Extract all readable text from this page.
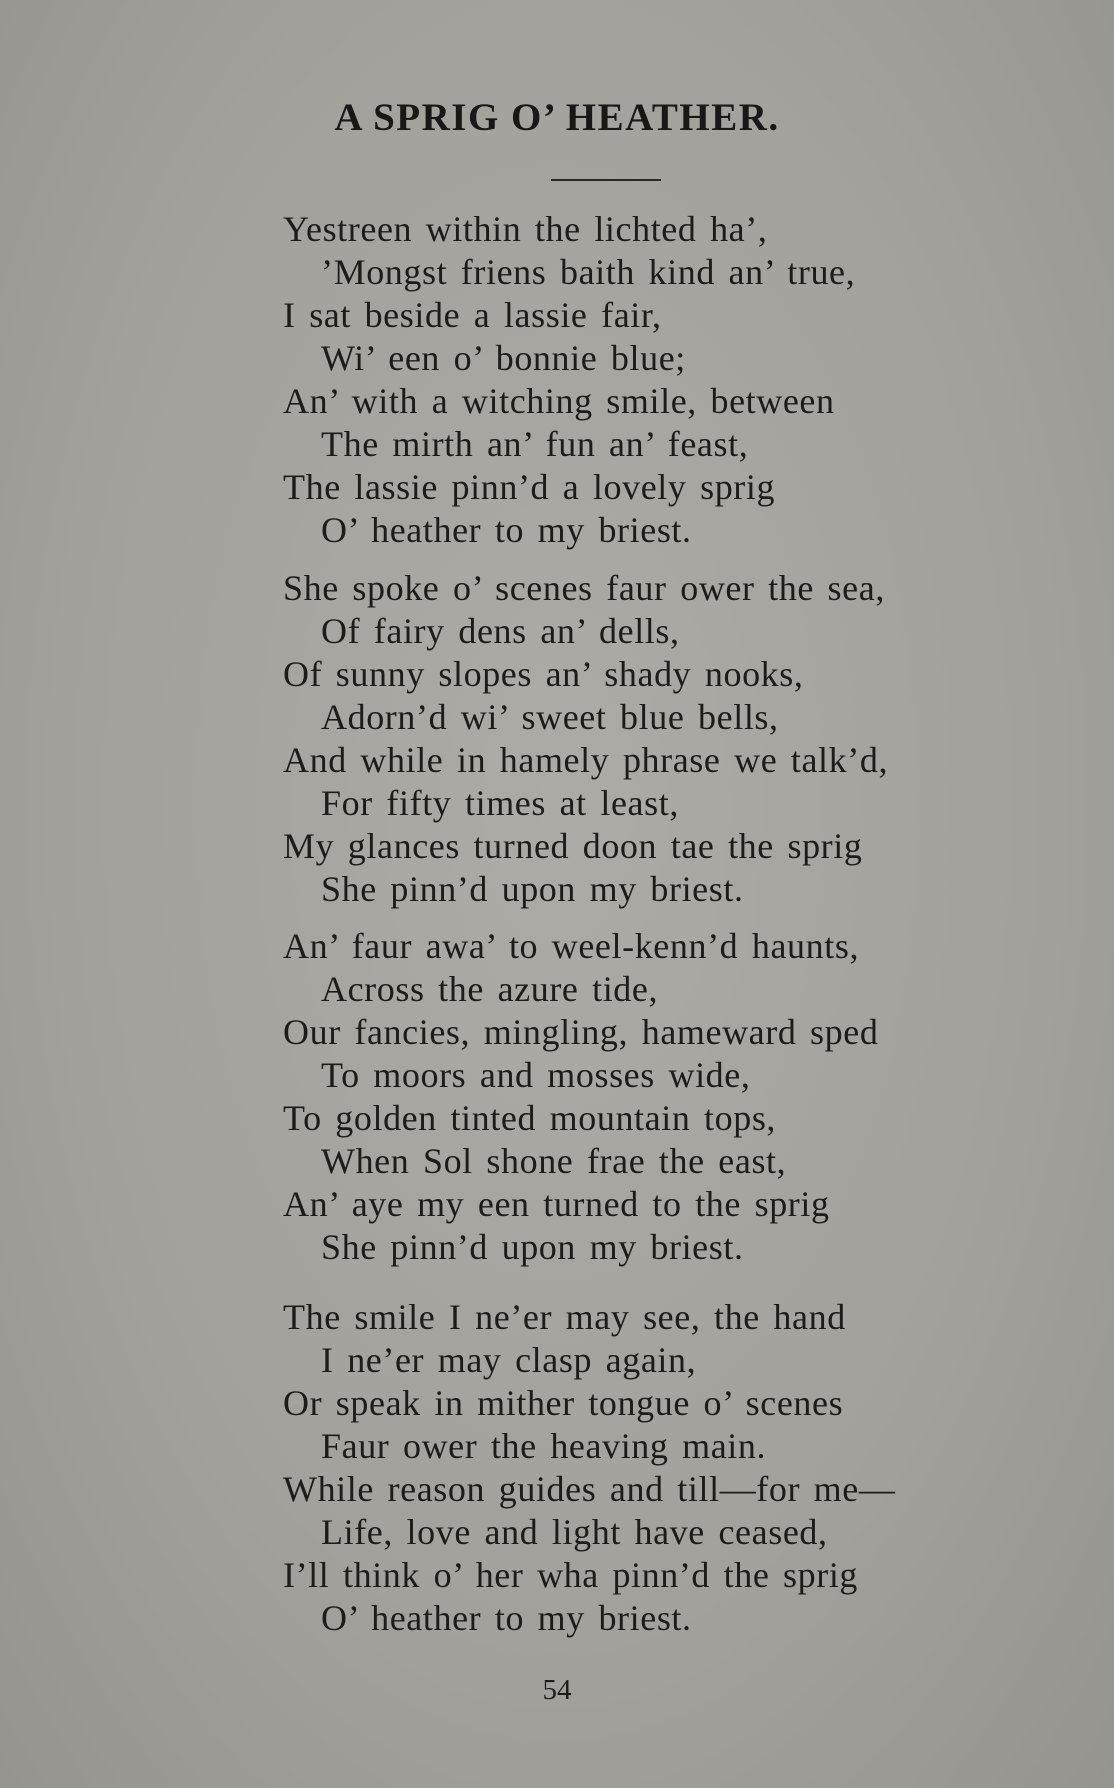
A SPRIG O’ HEATHER.
Yestreen within the lichted ha’,
’Mongst friens baith kind an’ true,
I sat beside a lassie fair,
Wi’ een o’ bonnie blue;
An’ with a witching smile, between
The mirth an’ fun an’ feast,
The lassie pinn’d a lovely sprig
O’ heather to my briest.
She spoke o’ scenes faur ower the sea,
Of fairy dens an’ dells,
Of sunny slopes an’ shady nooks,
Adorn’d wi’ sweet blue bells,
And while in hamely phrase we talk’d,
For fifty times at least,
My glances turned doon tae the sprig
She pinn’d upon my briest.
An’ faur awa’ to weel-kenn’d haunts,
Across the azure tide,
Our fancies, mingling, hameward sped
To moors and mosses wide,
To golden tinted mountain tops,
When Sol shone frae the east,
An’ aye my een turned to the sprig
She pinn’d upon my briest.
The smile I ne’er may see, the hand
I ne’er may clasp again,
Or speak in mither tongue o’ scenes
Faur ower the heaving main.
While reason guides and till—for me—
Life, love and light have ceased,
I’ll think o’ her wha pinn’d the sprig
O’ heather to my briest.
54
